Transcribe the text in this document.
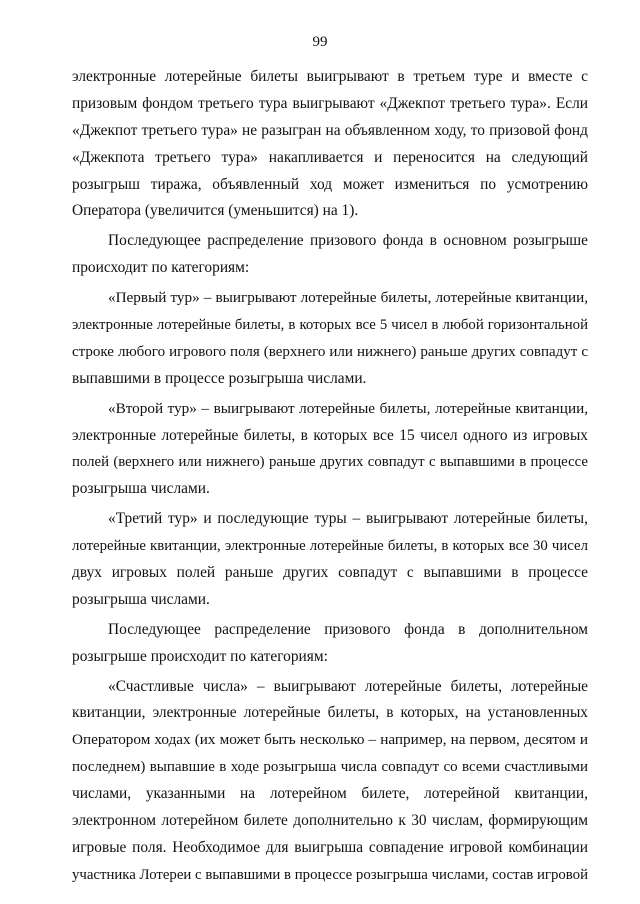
99
электронные лотерейные билеты выигрывают в третьем туре и вместе с
призовым фондом третьего тура выигрывают «Джекпот третьего тура». Если
«Джекпот третьего тура» не разыгран на объявленном ходу, то призовой фонд
«Джекпота третьего тура» накапливается и переносится на следующий
розыгрыш тиража, объявленный ход может измениться по усмотрению
Оператора (увеличится (уменьшится) на 1).
Последующее распределение призового фонда в основном розыгрыше
происходит по категориям:
«Первый тур» – выигрывают лотерейные билеты, лотерейные квитанции,
электронные лотерейные билеты, в которых все 5 чисел в любой горизонтальной
строке любого игрового поля (верхнего или нижнего) раньше других совпадут с
выпавшими в процессе розыгрыша числами.
«Второй тур» – выигрывают лотерейные билеты, лотерейные квитанции,
электронные лотерейные билеты, в которых все 15 чисел одного из игровых
полей (верхнего или нижнего) раньше других совпадут с выпавшими в процессе
розыгрыша числами.
«Третий тур» и последующие туры – выигрывают лотерейные билеты,
лотерейные квитанции, электронные лотерейные билеты, в которых все 30 чисел
двух игровых полей раньше других совпадут с выпавшими в процессе
розыгрыша числами.
Последующее распределение призового фонда в дополнительном
розыгрыше происходит по категориям:
«Счастливые числа» – выигрывают лотерейные билеты, лотерейные
квитанции, электронные лотерейные билеты, в которых, на установленных
Оператором ходах (их может быть несколько – например, на первом, десятом и
последнем) выпавшие в ходе розыгрыша числа совпадут со всеми счастливыми
числами, указанными на лотерейном билете, лотерейной квитанции,
электронном лотерейном билете дополнительно к 30 числам, формирующим
игровые поля. Необходимое для выигрыша совпадение игровой комбинации
участника Лотереи с выпавшими в процессе розыгрыша числами, состав игровой
